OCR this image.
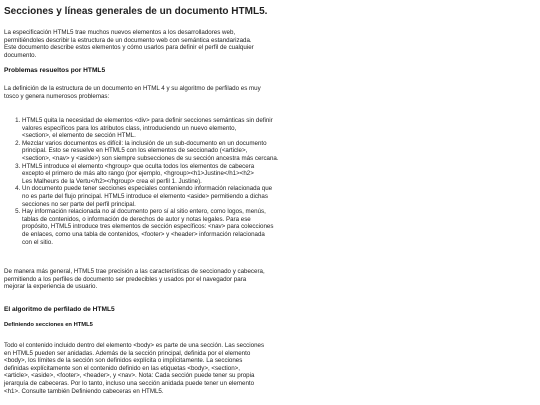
Secciones y líneas generales de un documento HTML5.

La especificación HTML5 trae muchos nuevos elementos a los desarrolladores web,
permitiéndoles describir la estructura de un documento web con semántica estandarizada.
Este documento describe estos elementos y cómo usarlos para definir el perfil de cualquier
documento.

Problemas resueltos por HTML5

La definición de la estructura de un documento en HTML 4 y su algoritmo de perfilado es muy
tosco y genera numerosos problemas:

1. HTML5 quita la necesidad de elementos <div> para definir secciones semánticas sin definir
valores específicos para los atributos class, introduciendo un nuevo elemento,
<section>, el elemento de sección HTML.
2. Mezclar varios documentos es difícil: la inclusión de un sub-documento en un documento
principal. Esto se resuelve en HTML5 con los elementos de seccionado (<article>,
<section>, <nav> y <aside>) son siempre subsecciones de su sección ancestra más cercana.
3. HTML5 introduce el elemento <hgroup> que oculta todos los elementos de cabecera
excepto el primero de más alto rango (por ejemplo, <hgroup><h1>Justine</h1><h2>
Les Malheurs de la Vertu</h2></hgroup> crea el perfil 1. Justine).
4. Un documento puede tener secciones especiales conteniendo información relacionada que
no es parte del flujo principal. HTML5 introduce el elemento <aside> permitiendo a dichas
secciones no ser parte del perfil principal.
5. Hay información relacionada no al documento pero sí al sitio entero, como logos, menús,
tablas de contenidos, o información de derechos de autor y notas legales. Para ese
propósito, HTML5 introduce tres elementos de sección específicos: <nav> para colecciones
de enlaces, como una tabla de contenidos, <footer> y <header> información relacionada
con el sitio.

De manera más general, HTML5 trae precisión a las características de seccionado y cabecera,
permitiendo a los perfiles de documento ser predecibles y usados por el navegador para
mejorar la experiencia de usuario.

El algoritmo de perfilado de HTML5
Definiendo secciones en HTML5

Todo el contenido incluido dentro del elemento <body> es parte de una sección. Las secciones
en HTML5 pueden ser anidadas. Además de la sección principal, definida por el elemento
<body>, los límites de la sección son definidos explícita o implícitamente. La secciones
definidas explícitamente son el contenido definido en las etiquetas <body>, <section>,
<article>, <aside>, <footer>, <header>, y <nav>. Nota: Cada sección puede tener su propia
jerarquía de cabeceras. Por lo tanto, incluso una sección anidada puede tener un elemento
<h1>. Consulte también Definiendo cabeceras en HTML5.
